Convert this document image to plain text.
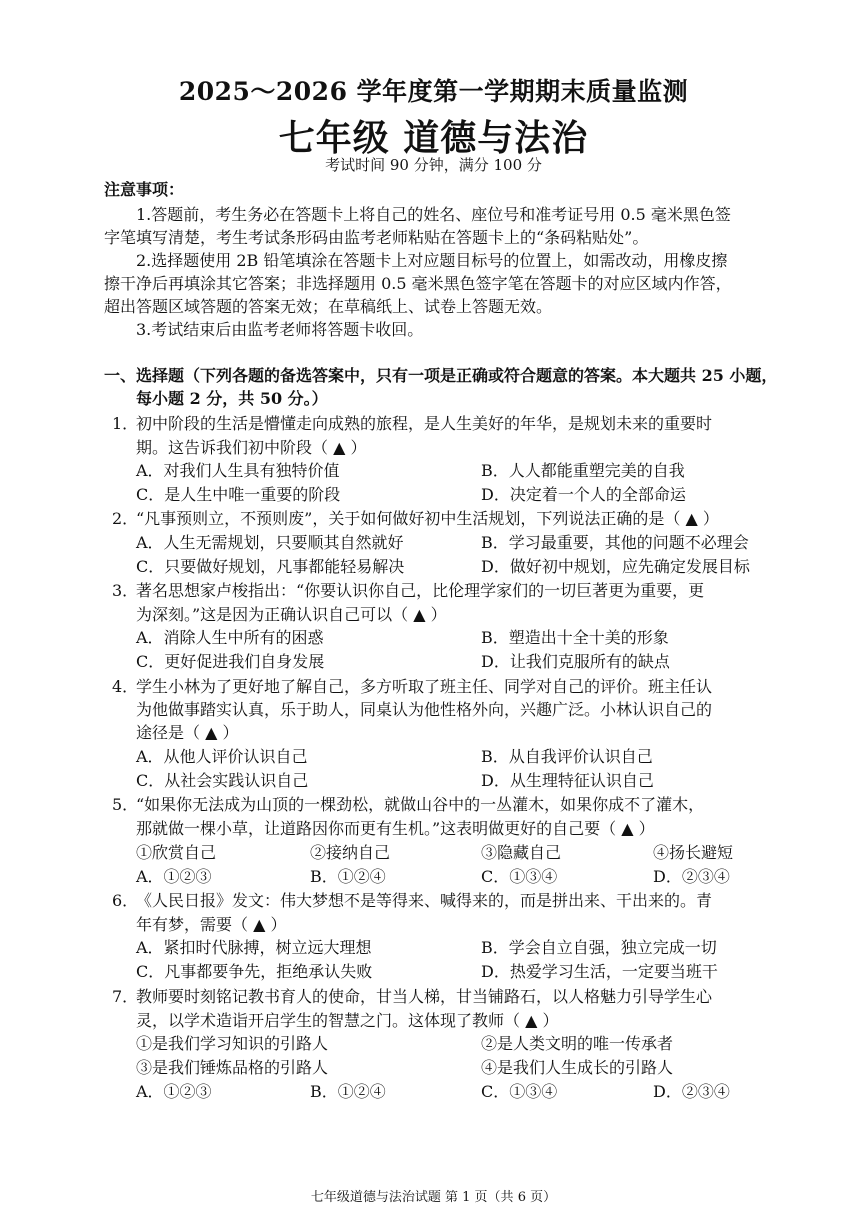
2025～2026 学年度第一学期期末质量监测
七年级 道德与法治
考试时间 90 分钟，满分 100 分
注意事项：
1.答题前，考生务必在答题卡上将自己的姓名、座位号和准考证号用 0.5 毫米黑色签
字笔填写清楚，考生考试条形码由监考老师粘贴在答题卡上的“条码粘贴处”。
2.选择题使用 2B 铅笔填涂在答题卡上对应题目标号的位置上，如需改动，用橡皮擦
擦干净后再填涂其它答案；非选择题用 0.5 毫米黑色签字笔在答题卡的对应区域内作答，
超出答题区域答题的答案无效；在草稿纸上、试卷上答题无效。
3.考试结束后由监考老师将答题卡收回。
一、选择题（下列各题的备选答案中，只有一项是正确或符合题意的答案。本大题共 25 小题，
每小题 2 分，共 50 分。）
1．
初中阶段的生活是懵懂走向成熟的旅程，是人生美好的年华，是规划未来的重要时
期。这告诉我们初中阶段（ ▲ ）
A．对我们人生具有独特价值	B．人人都能重塑完美的自我
C．是人生中唯一重要的阶段	D．决定着一个人的全部命运
2．
“凡事预则立，不预则废”，关于如何做好初中生活规划，下列说法正确的是（ ▲ ）
A．人生无需规划，只要顺其自然就好	B．学习最重要，其他的问题不必理会
C．只要做好规划，凡事都能轻易解决	D．做好初中规划，应先确定发展目标
3．
著名思想家卢梭指出：“你要认识你自己，比伦理学家们的一切巨著更为重要，更
为深刻。”这是因为正确认识自己可以（ ▲ ）
A．消除人生中所有的困惑	B．塑造出十全十美的形象
C．更好促进我们自身发展	D．让我们克服所有的缺点
4．
学生小林为了更好地了解自己，多方听取了班主任、同学对自己的评价。班主任认
为他做事踏实认真，乐于助人，同桌认为他性格外向，兴趣广泛。小林认识自己的
途径是（ ▲ ）
A．从他人评价认识自己	B．从自我评价认识自己
C．从社会实践认识自己	D．从生理特征认识自己
5．
“如果你无法成为山顶的一棵劲松，就做山谷中的一丛灌木，如果你成不了灌木，
那就做一棵小草，让道路因你而更有生机。”这表明做更好的自己要（ ▲ ）
①欣赏自己	②接纳自己	③隐藏自己	④扬长避短
A．①②③	B．①②④	C．①③④	D．②③④
6．
《人民日报》发文：伟大梦想不是等得来、喊得来的，而是拼出来、干出来的。青
年有梦，需要（ ▲ ）
A．紧扣时代脉搏，树立远大理想	B．学会自立自强，独立完成一切
C．凡事都要争先，拒绝承认失败	D．热爱学习生活，一定要当班干
7．
教师要时刻铭记教书育人的使命，甘当人梯，甘当铺路石，以人格魅力引导学生心
灵，以学术造诣开启学生的智慧之门。这体现了教师（ ▲ ）
①是我们学习知识的引路人	②是人类文明的唯一传承者
③是我们锤炼品格的引路人	④是我们人生成长的引路人
A．①②③	B．①②④	C．①③④	D．②③④
七年级道德与法治试题 第 1 页（共 6 页）
